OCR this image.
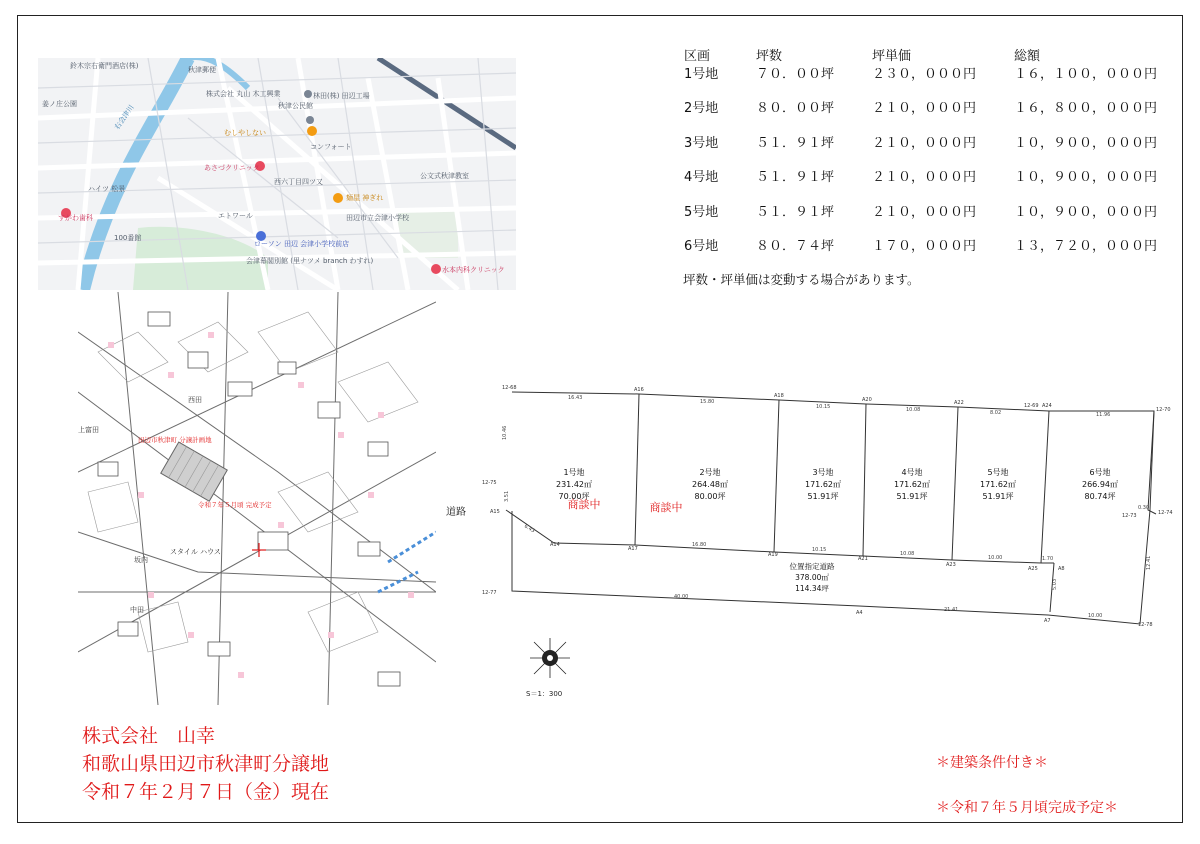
鈴木宗右衛門酒店(株)	秋津郵便
株式会社 丸山 木工興業
秋津公民館
林田(株) 田辺工場
姜ノ庄公園
むしやしない
コンフォート
あさづクリニック
西六丁目四ツ又
麺屋 神ぎれ
公文式秋津教室
ハイツ 松景
すがわ歯科	エトワール	田辺市立会津小学校
ローソン 田辺 会津小学校前店
会津幕閣別館 (里ナツメ branch わすれ)
水本内科クリニック
100番館
右会津川
田辺市秋津町 分譲計画地
令和７年５月頃 完成予定
上富田
西田
中田
坂内
スタイル ハウス
区画	坪数	坪単価	総額
1号地	７０．００坪	２３０，０００円	１６，１００，０００円
2号地	８０．００坪	２１０，０００円	１６，８００，０００円
3号地	５１．９１坪	２１０，０００円	１０，９００，０００円
4号地	５１．９１坪	２１０，０００円	１０，９００，０００円
5号地	５１．９１坪	２１０，０００円	１０，９００，０００円
6号地	８０．７４坪	１７０，０００円	１３，７２０，０００円
坪数・坪単価は変動する場合があります。
道路
12-68	A16
A18
A20	A22	12-69 A24
12-70
12-75
A15
A14
A17
A19
A21
A23
A25	A8
12-73	12-74
12-77
A4
A7
12-78
16.43
15.80
10.15	10.08	8.02	11.96
10.46
3.51
6.43
16.80
10.15
10.08
10.00	1.70
5.03
40.00
21.41
10.00
0.30
12.41
1号地
231.42㎡
70.00坪
2号地
264.48㎡
80.00坪
3号地
171.62㎡
51.91坪
4号地
171.62㎡
51.91坪
5号地
171.62㎡
51.91坪
6号地
266.94㎡
80.74坪
商談中	商談中
位置指定道路
378.00㎡
114.34坪
S＝1：300
株式会社　山幸
和歌山県田辺市秋津町分譲地
令和７年２月７日（金）現在
＊建築条件付き＊
＊令和７年５月頃完成予定＊
